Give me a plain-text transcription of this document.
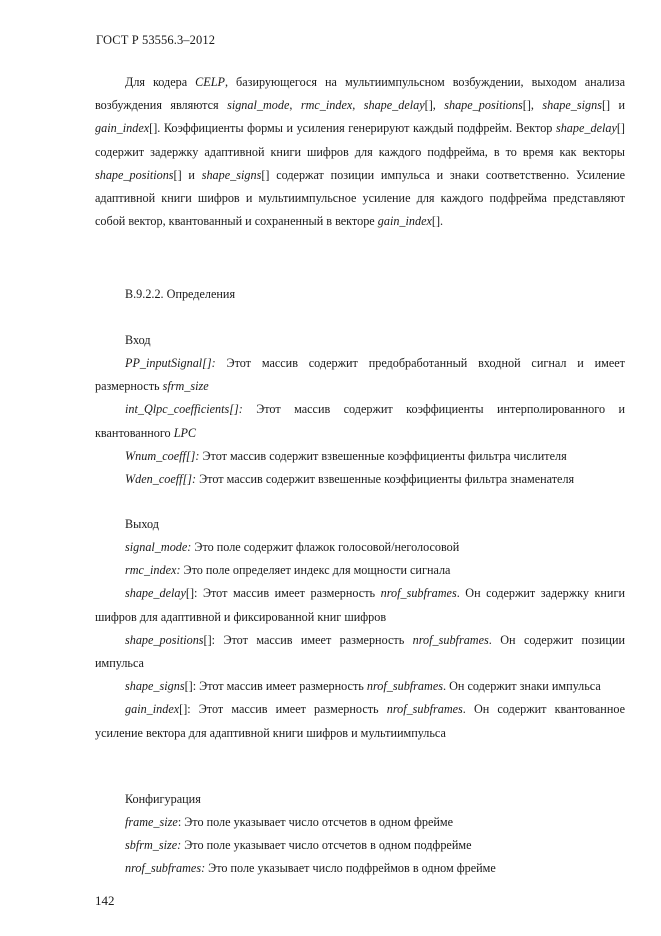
ГОСТ Р 53556.3–2012
Для кодера CELP, базирующегося на мультиимпульсном возбуждении, выходом анализа возбуждения являются signal_mode, rmc_index, shape_delay[], shape_positions[], shape_signs[] и gain_index[]. Коэффициенты формы и усиления генерируют каждый подфрейм. Вектор shape_delay[] содержит задержку адаптивной книги шифров для каждого подфрейма, в то время как векторы shape_positions[] и shape_signs[] содержат позиции импульса и знаки соответственно. Усиление адаптивной книги шифров и мультиимпульсное усиление для каждого подфрейма представляют собой вектор, квантованный и сохраненный в векторе gain_index[].
B.9.2.2. Определения
Вход

PP_inputSignal[]: Этот массив содержит предобработанный входной сигнал и имеет размерность sfrm_size

int_Qlpc_coefficients[]: Этот массив содержит коэффициенты интерполированного и квантованного LPC

Wnum_coeff[]: Этот массив содержит взвешенные коэффициенты фильтра числителя

Wden_coeff[]: Этот массив содержит взвешенные коэффициенты фильтра знаменателя

Выход

signal_mode: Это поле содержит флажок голосовой/неголосовой

rmc_index: Это поле определяет индекс для мощности сигнала

shape_delay[]: Этот массив имеет размерность nrof_subframes. Он содержит задержку книги шифров для адаптивной и фиксированной книг шифров

shape_positions[]: Этот массив имеет размерность nrof_subframes. Он содержит позиции импульса

shape_signs[]: Этот массив имеет размерность nrof_subframes. Он содержит знаки импульса

gain_index[]: Этот массив имеет размерность nrof_subframes. Он содержит квантованное усиление вектора для адаптивной книги шифров и мультиимпульса

Конфигурация

frame_size: Это поле указывает число отсчетов в одном фрейме

sbfrm_size: Это поле указывает число отсчетов в одном подфрейме

nrof_subframes: Это поле указывает число подфреймов в одном фрейме

142
